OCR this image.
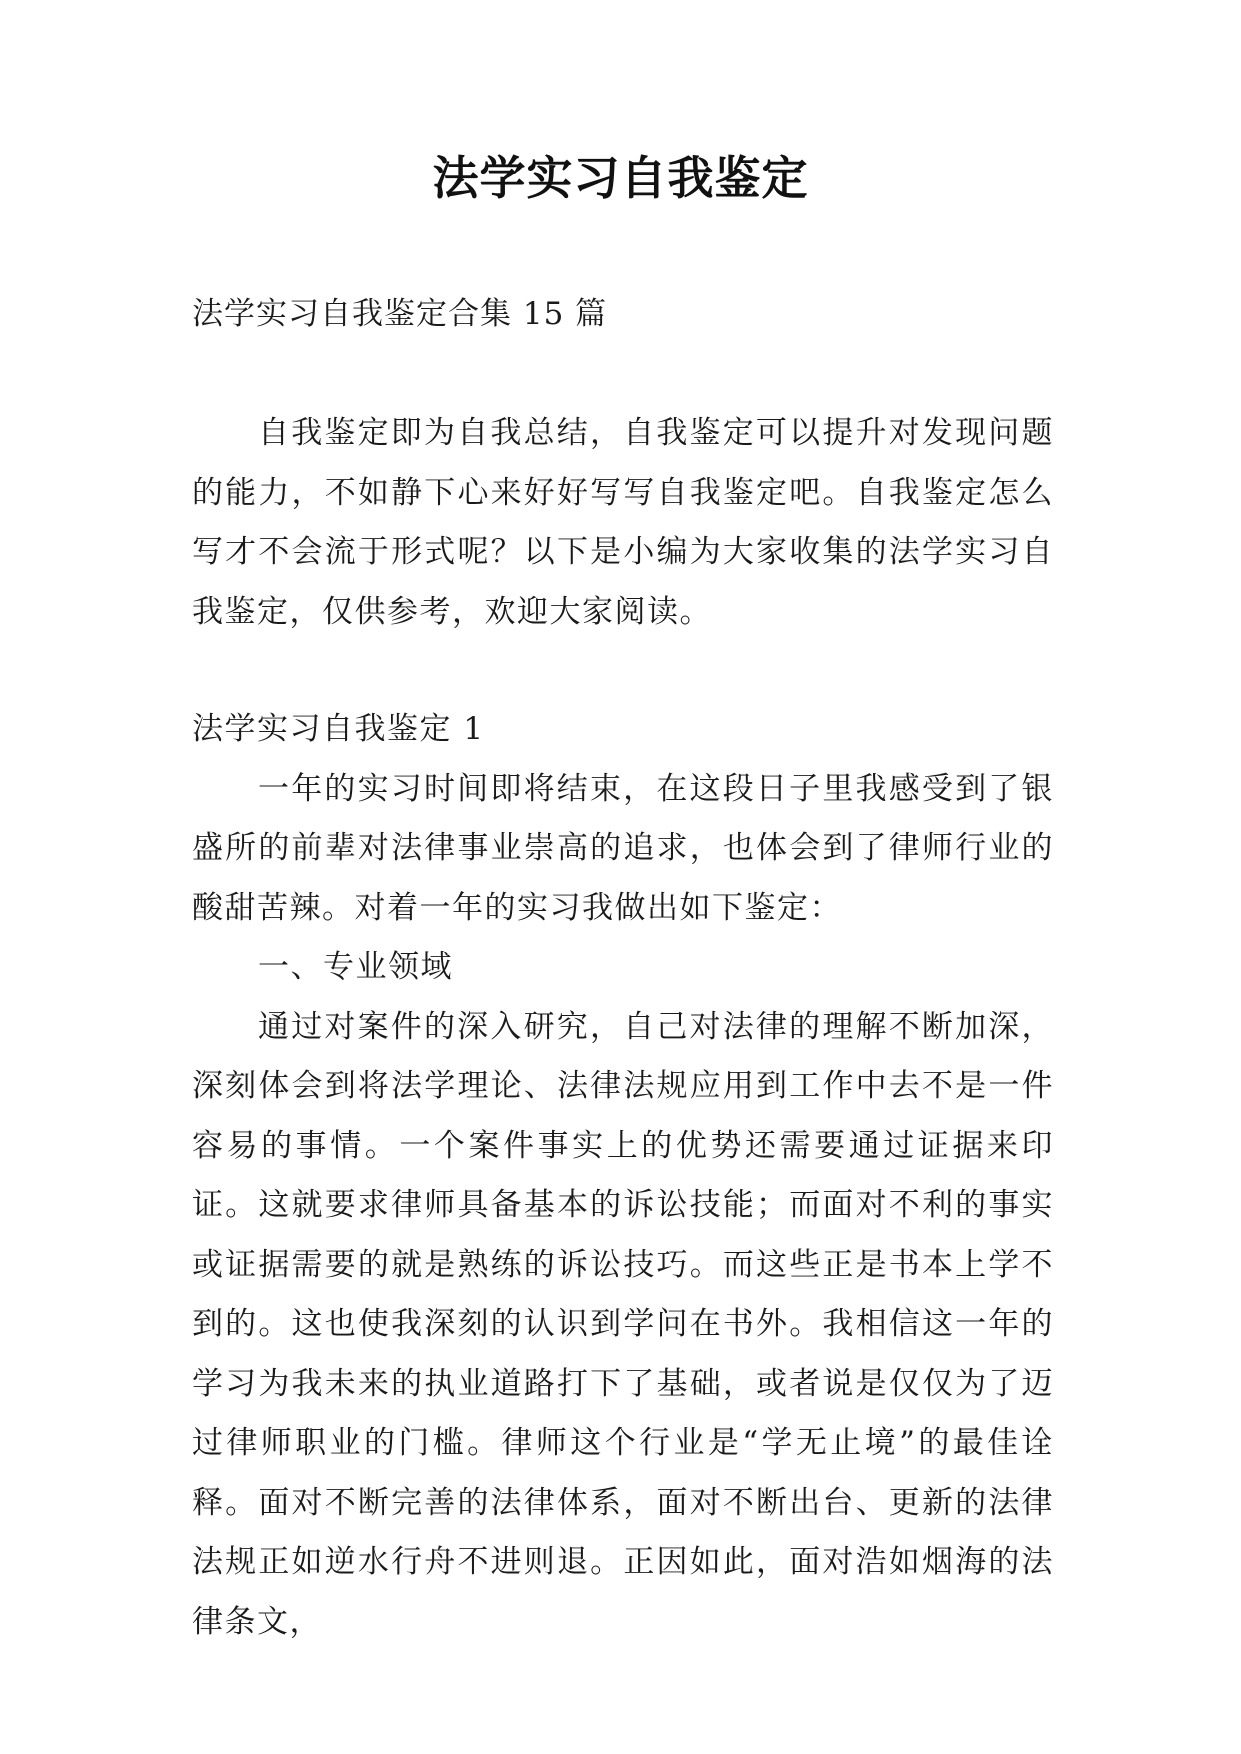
法学实习自我鉴定

法学实习自我鉴定合集 15 篇

自我鉴定即为自我总结，自我鉴定可以提升对发现问题的能力，不如静下心来好好写写自我鉴定吧。自我鉴定怎么写才不会流于形式呢？以下是小编为大家收集的法学实习自我鉴定，仅供参考，欢迎大家阅读。

法学实习自我鉴定 1

一年的实习时间即将结束，在这段日子里我感受到了银盛所的前辈对法律事业崇高的追求，也体会到了律师行业的酸甜苦辣。对着一年的实习我做出如下鉴定：

一、专业领域

通过对案件的深入研究，自己对法律的理解不断加深，深刻体会到将法学理论、法律法规应用到工作中去不是一件容易的事情。一个案件事实上的优势还需要通过证据来印证。这就要求律师具备基本的诉讼技能；而面对不利的事实或证据需要的就是熟练的诉讼技巧。而这些正是书本上学不到的。这也使我深刻的认识到学问在书外。我相信这一年的学习为我未来的执业道路打下了基础，或者说是仅仅为了迈过律师职业的门槛。律师这个行业是“学无止境”的最佳诠释。面对不断完善的法律体系，面对不断出台、更新的法律法规正如逆水行舟不进则退。正因如此，面对浩如烟海的法律条文，
